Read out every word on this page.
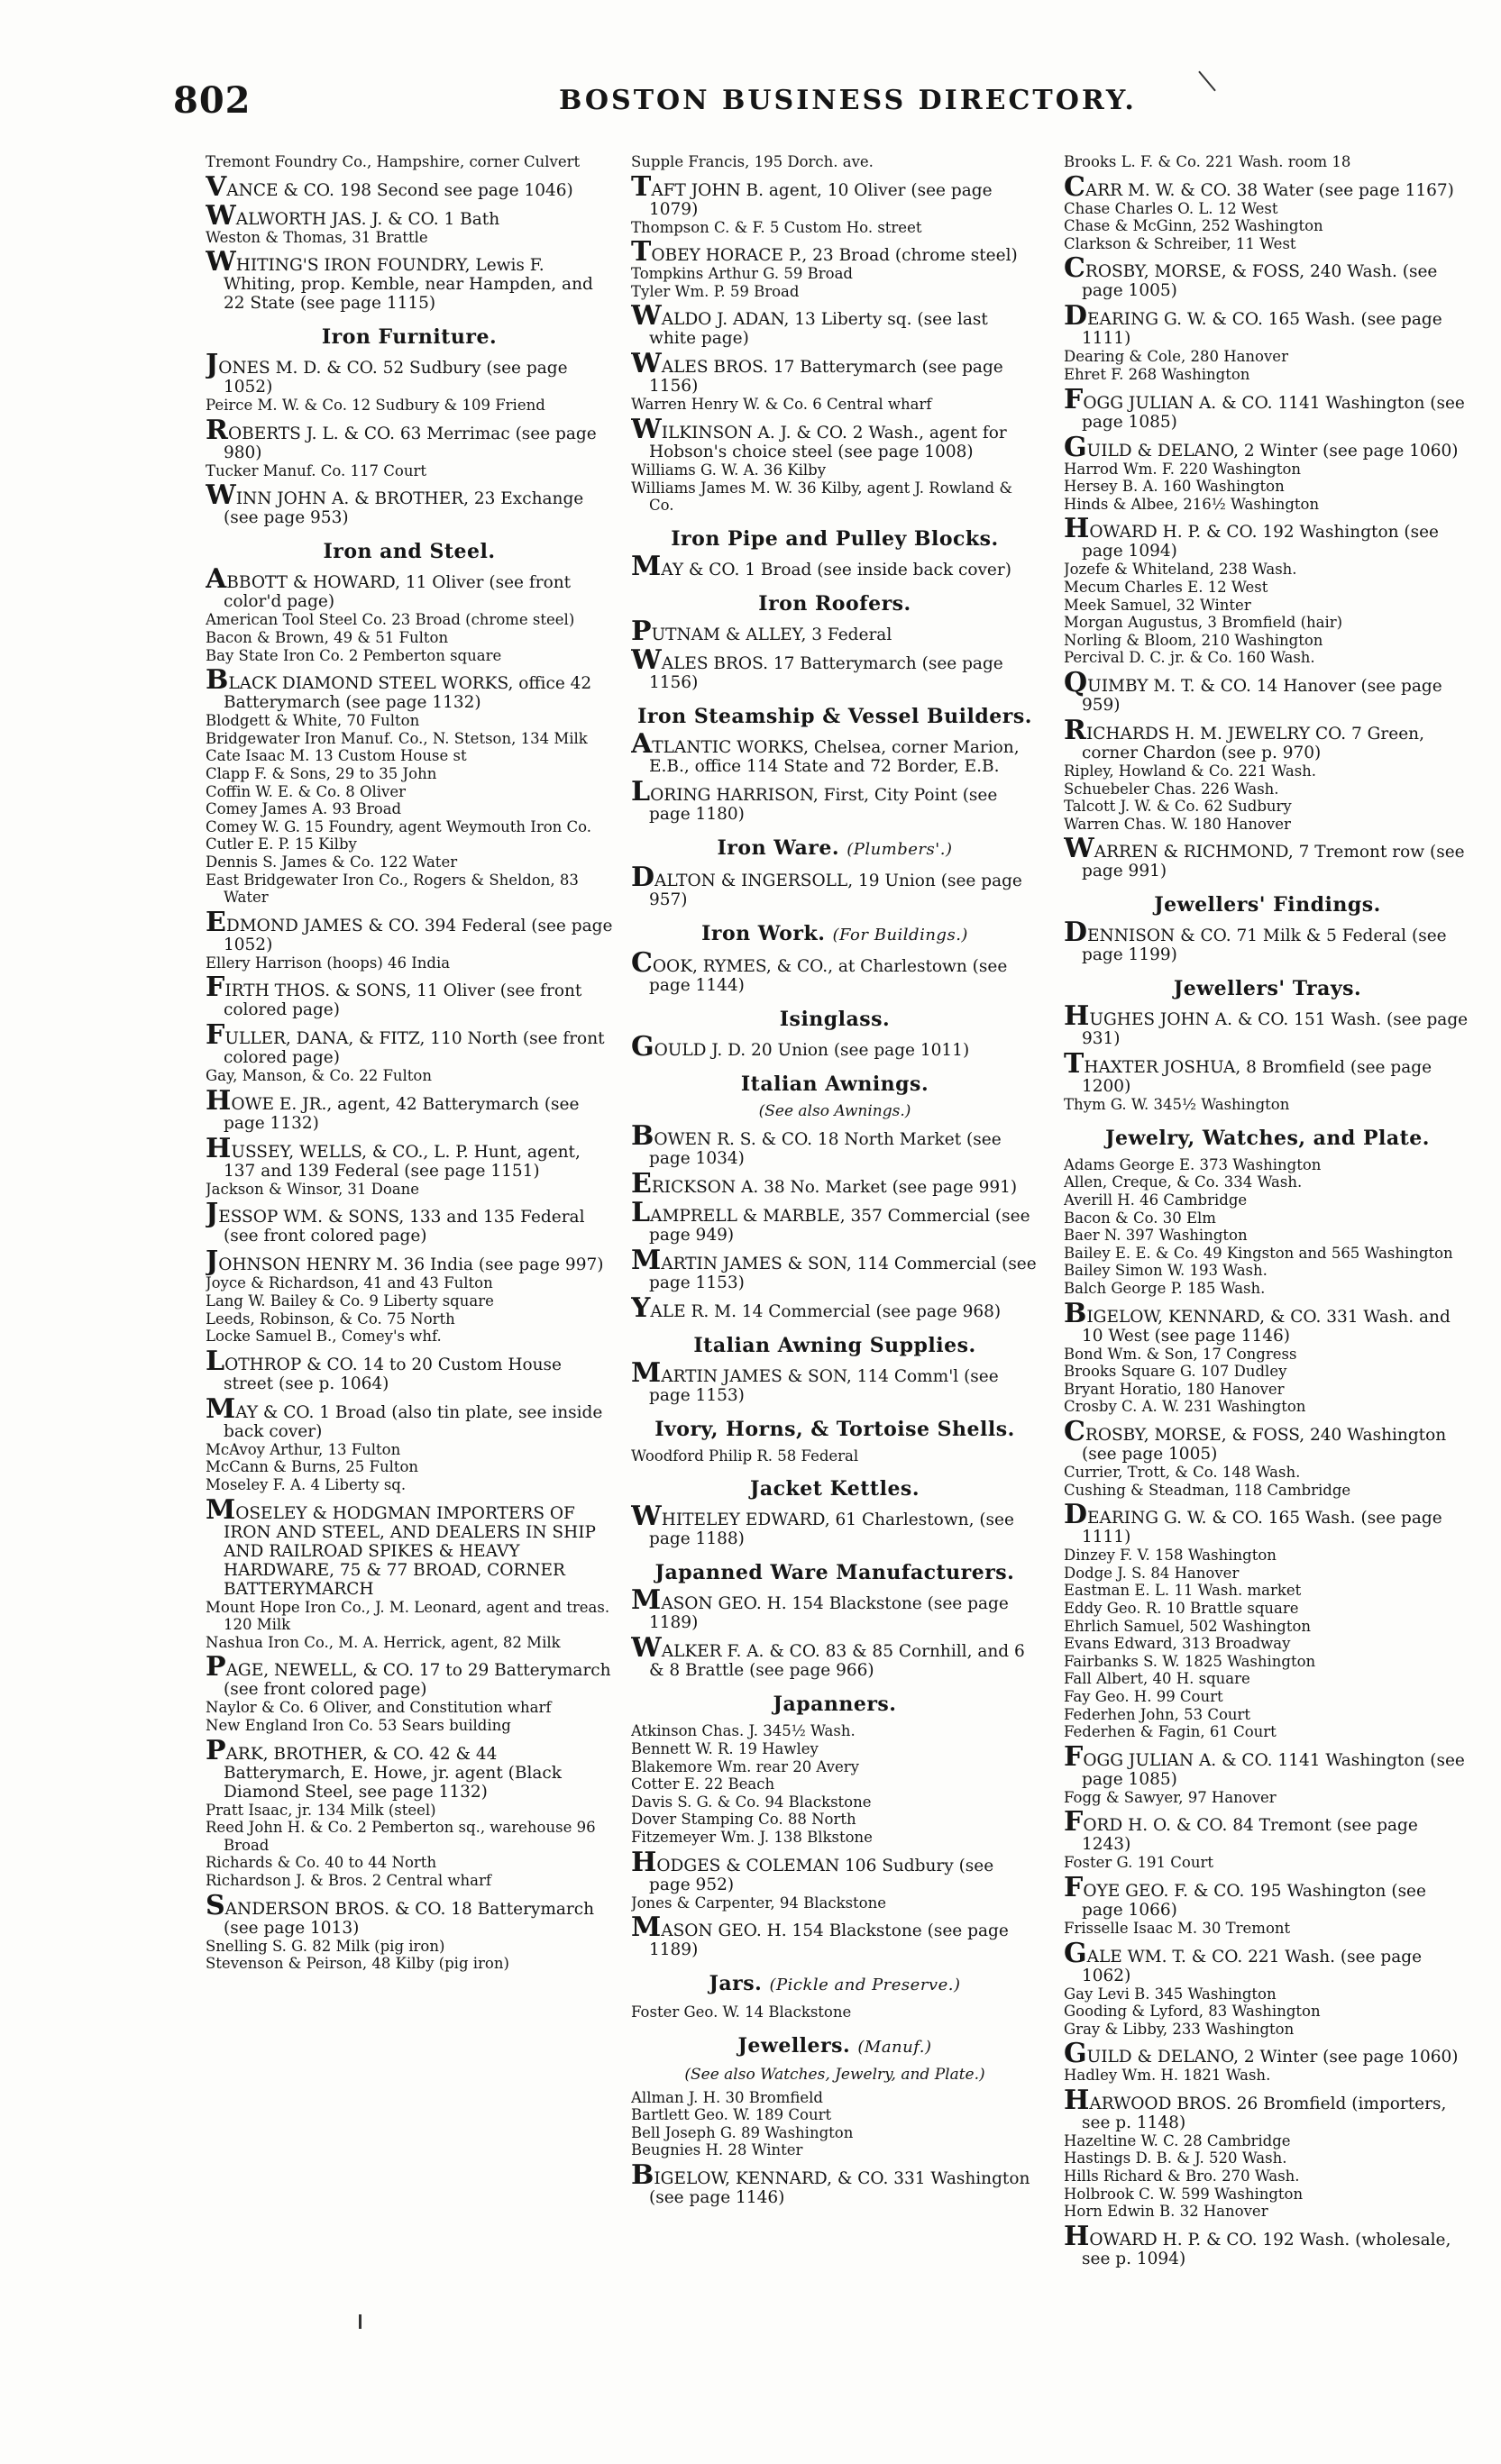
802	BOSTON BUSINESS DIRECTORY.
Tremont Foundry Co., Hampshire, corner Culvert
VANCE & CO. 198 Second see page 1046)
WALWORTH JAS. J. & CO. 1 Bath
Weston & Thomas, 31 Brattle
WHITING'S IRON FOUNDRY, Lewis F. Whiting, prop. Kemble, near Hampden, and 22 State (see page 1115)
Iron Furniture.
JONES M. D. & CO. 52 Sudbury (see page 1052)
Peirce M. W. & Co. 12 Sudbury & 109 Friend
ROBERTS J. L. & CO. 63 Merrimac (see page 980)
Tucker Manuf. Co. 117 Court
WINN JOHN A. & BROTHER, 23 Exchange (see page 953)
Iron and Steel.
ABBOTT & HOWARD, 11 Oliver (see front color'd page)
American Tool Steel Co. 23 Broad (chrome steel)
Bacon & Brown, 49 & 51 Fulton
Bay State Iron Co. 2 Pemberton square
BLACK DIAMOND STEEL WORKS, office 42 Batterymarch (see page 1132)
Blodgett & White, 70 Fulton
Bridgewater Iron Manuf. Co., N. Stetson, 134 Milk
Cate Isaac M. 13 Custom House st
Clapp F. & Sons, 29 to 35 John
Coffin W. E. & Co. 8 Oliver
Comey James A. 93 Broad
Comey W. G. 15 Foundry, agent Weymouth Iron Co.
Cutler E. P. 15 Kilby
Dennis S. James & Co. 122 Water
East Bridgewater Iron Co., Rogers & Sheldon, 83 Water
EDMOND JAMES & CO. 394 Federal (see page 1052)
Ellery Harrison (hoops) 46 India
FIRTH THOS. & SONS, 11 Oliver (see front colored page)
FULLER, DANA, & FITZ, 110 North (see front colored page)
Gay, Manson, & Co. 22 Fulton
HOWE E. JR., agent, 42 Batterymarch (see page 1132)
HUSSEY, WELLS, & CO., L. P. Hunt, agent, 137 and 139 Federal (see page 1151)
Jackson & Winsor, 31 Doane
JESSOP WM. & SONS, 133 and 135 Federal (see front colored page)
JOHNSON HENRY M. 36 India (see page 997)
Joyce & Richardson, 41 and 43 Fulton
Lang W. Bailey & Co. 9 Liberty square
Leeds, Robinson, & Co. 75 North
Locke Samuel B., Comey's whf.
LOTHROP & CO. 14 to 20 Custom House street (see p. 1064)
MAY & CO. 1 Broad (also tin plate, see inside back cover)
McAvoy Arthur, 13 Fulton
McCann & Burns, 25 Fulton
Moseley F. A. 4 Liberty sq.
MOSELEY & HODGMAN IMPORTERS OF IRON AND STEEL, AND DEALERS IN SHIP AND RAILROAD SPIKES & HEAVY HARDWARE, 75 & 77 BROAD, CORNER BATTERYMARCH
Mount Hope Iron Co., J. M. Leonard, agent and treas. 120 Milk
Nashua Iron Co., M. A. Herrick, agent, 82 Milk
PAGE, NEWELL, & CO. 17 to 29 Batterymarch (see front colored page)
Naylor & Co. 6 Oliver, and Constitution wharf
New England Iron Co. 53 Sears building
PARK, BROTHER, & CO. 42 & 44 Batterymarch, E. Howe, jr. agent (Black Diamond Steel, see page 1132)
Pratt Isaac, jr. 134 Milk (steel)
Reed John H. & Co. 2 Pemberton sq., warehouse 96 Broad
Richards & Co. 40 to 44 North
Richardson J. & Bros. 2 Central wharf
SANDERSON BROS. & CO. 18 Batterymarch (see page 1013)
Snelling S. G. 82 Milk (pig iron)
Stevenson & Peirson, 48 Kilby (pig iron)
Supple Francis, 195 Dorch. ave.
TAFT JOHN B. agent, 10 Oliver (see page 1079)
Thompson C. & F. 5 Custom Ho. street
TOBEY HORACE P., 23 Broad (chrome steel)
Tompkins Arthur G. 59 Broad
Tyler Wm. P. 59 Broad
WALDO J. ADAN, 13 Liberty sq. (see last white page)
WALES BROS. 17 Batterymarch (see page 1156)
Warren Henry W. & Co. 6 Central wharf
WILKINSON A. J. & CO. 2 Wash., agent for Hobson's choice steel (see page 1008)
Williams G. W. A. 36 Kilby
Williams James M. W. 36 Kilby, agent J. Rowland & Co.
Iron Pipe and Pulley Blocks.
MAY & CO. 1 Broad (see inside back cover)
Iron Roofers.
PUTNAM & ALLEY, 3 Federal
WALES BROS. 17 Batterymarch (see page 1156)
Iron Steamship & Vessel Builders.
ATLANTIC WORKS, Chelsea, corner Marion, E.B., office 114 State and 72 Border, E.B.
LORING HARRISON, First, City Point (see page 1180)
Iron Ware. (Plumbers'.)
DALTON & INGERSOLL, 19 Union (see page 957)
Iron Work. (For Buildings.)
COOK, RYMES, & CO., at Charlestown (see page 1144)
Isinglass.
GOULD J. D. 20 Union (see page 1011)
Italian Awnings.
(See also Awnings.)
BOWEN R. S. & CO. 18 North Market (see page 1034)
ERICKSON A. 38 No. Market (see page 991)
LAMPRELL & MARBLE, 357 Commercial (see page 949)
MARTIN JAMES & SON, 114 Commercial (see page 1153)
YALE R. M. 14 Commercial (see page 968)
Italian Awning Supplies.
MARTIN JAMES & SON, 114 Comm'l (see page 1153)
Ivory, Horns, & Tortoise Shells.
Woodford Philip R. 58 Federal
Jacket Kettles.
WHITELEY EDWARD, 61 Charlestown, (see page 1188)
Japanned Ware Manufacturers.
MASON GEO. H. 154 Blackstone (see page 1189)
WALKER F. A. & CO. 83 & 85 Cornhill, and 6 & 8 Brattle (see page 966)
Japanners.
Atkinson Chas. J. 345½ Wash.
Bennett W. R. 19 Hawley
Blakemore Wm. rear 20 Avery
Cotter E. 22 Beach
Davis S. G. & Co. 94 Blackstone
Dover Stamping Co. 88 North
Fitzemeyer Wm. J. 138 Blkstone
HODGES & COLEMAN 106 Sudbury (see page 952)
Jones & Carpenter, 94 Blackstone
MASON GEO. H. 154 Blackstone (see page 1189)
Jars. (Pickle and Preserve.)
Foster Geo. W. 14 Blackstone
Jewellers. (Manuf.)
(See also Watches, Jewelry, and Plate.)
Allman J. H. 30 Bromfield
Bartlett Geo. W. 189 Court
Bell Joseph G. 89 Washington
Beugnies H. 28 Winter
BIGELOW, KENNARD, & CO. 331 Washington (see page 1146)
Brooks L. F. & Co. 221 Wash. room 18
CARR M. W. & CO. 38 Water (see page 1167)
Chase Charles O. L. 12 West
Chase & McGinn, 252 Washington
Clarkson & Schreiber, 11 West
CROSBY, MORSE, & FOSS, 240 Wash. (see page 1005)
DEARING G. W. & CO. 165 Wash. (see page 1111)
Dearing & Cole, 280 Hanover
Ehret F. 268 Washington
FOGG JULIAN A. & CO. 1141 Washington (see page 1085)
GUILD & DELANO, 2 Winter (see page 1060)
Harrod Wm. F. 220 Washington
Hersey B. A. 160 Washington
Hinds & Albee, 216½ Washington
HOWARD H. P. & CO. 192 Washington (see page 1094)
Jozefe & Whiteland, 238 Wash.
Mecum Charles E. 12 West
Meek Samuel, 32 Winter
Morgan Augustus, 3 Bromfield (hair)
Norling & Bloom, 210 Washington
Percival D. C. jr. & Co. 160 Wash.
QUIMBY M. T. & CO. 14 Hanover (see page 959)
RICHARDS H. M. JEWELRY CO. 7 Green, corner Chardon (see p. 970)
Ripley, Howland & Co. 221 Wash.
Schuebeler Chas. 226 Wash.
Talcott J. W. & Co. 62 Sudbury
Warren Chas. W. 180 Hanover
WARREN & RICHMOND, 7 Tremont row (see page 991)
Jewellers' Findings.
DENNISON & CO. 71 Milk & 5 Federal (see page 1199)
Jewellers' Trays.
HUGHES JOHN A. & CO. 151 Wash. (see page 931)
THAXTER JOSHUA, 8 Bromfield (see page 1200)
Thym G. W. 345½ Washington
Jewelry, Watches, and Plate.
Adams George E. 373 Washington
Allen, Creque, & Co. 334 Wash.
Averill H. 46 Cambridge
Bacon & Co. 30 Elm
Baer N. 397 Washington
Bailey E. E. & Co. 49 Kingston and 565 Washington
Bailey Simon W. 193 Wash.
Balch George P. 185 Wash.
BIGELOW, KENNARD, & CO. 331 Wash. and 10 West (see page 1146)
Bond Wm. & Son, 17 Congress
Brooks Square G. 107 Dudley
Bryant Horatio, 180 Hanover
Crosby C. A. W. 231 Washington
CROSBY, MORSE, & FOSS, 240 Washington (see page 1005)
Currier, Trott, & Co. 148 Wash.
Cushing & Steadman, 118 Cambridge
DEARING G. W. & CO. 165 Wash. (see page 1111)
Dinzey F. V. 158 Washington
Dodge J. S. 84 Hanover
Eastman E. L. 11 Wash. market
Eddy Geo. R. 10 Brattle square
Ehrlich Samuel, 502 Washington
Evans Edward, 313 Broadway
Fairbanks S. W. 1825 Washington
Fall Albert, 40 H. square
Fay Geo. H. 99 Court
Federhen John, 53 Court
Federhen & Fagin, 61 Court
FOGG JULIAN A. & CO. 1141 Washington (see page 1085)
Fogg & Sawyer, 97 Hanover
FORD H. O. & CO. 84 Tremont (see page 1243)
Foster G. 191 Court
FOYE GEO. F. & CO. 195 Washington (see page 1066)
Frisselle Isaac M. 30 Tremont
GALE WM. T. & CO. 221 Wash. (see page 1062)
Gay Levi B. 345 Washington
Gooding & Lyford, 83 Washington
Gray & Libby, 233 Washington
GUILD & DELANO, 2 Winter (see page 1060)
Hadley Wm. H. 1821 Wash.
HARWOOD BROS. 26 Bromfield (importers, see p. 1148)
Hazeltine W. C. 28 Cambridge
Hastings D. B. & J. 520 Wash.
Hills Richard & Bro. 270 Wash.
Holbrook C. W. 599 Washington
Horn Edwin B. 32 Hanover
HOWARD H. P. & CO. 192 Wash. (wholesale, see p. 1094)
